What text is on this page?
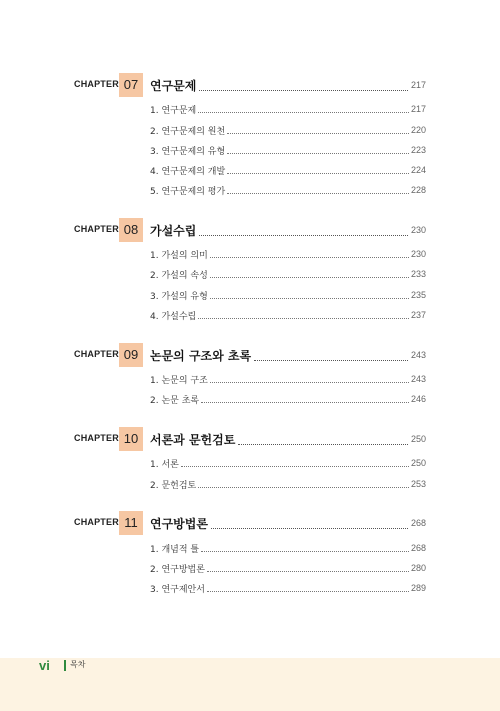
CHAPTER 07 연구문제	217
1. 연구문제	217
2. 연구문제의 원천	220
3. 연구문제의 유형	223
4. 연구문제의 개발	224
5. 연구문제의 평가	228
CHAPTER 08 가설수립	230
1. 가설의 의미	230
2. 가설의 속성	233
3. 가설의 유형	235
4. 가설수립	237
CHAPTER 09 논문의 구조와 초록	243
1. 논문의 구조	243
2. 논문 초록	246
CHAPTER 10 서론과 문헌검토	250
1. 서론	250
2. 문헌검토	253
CHAPTER 11	연구방법론	268
1. 개념적 틀	268
2. 연구방법론	280
3. 연구제안서	289
vi	목차
